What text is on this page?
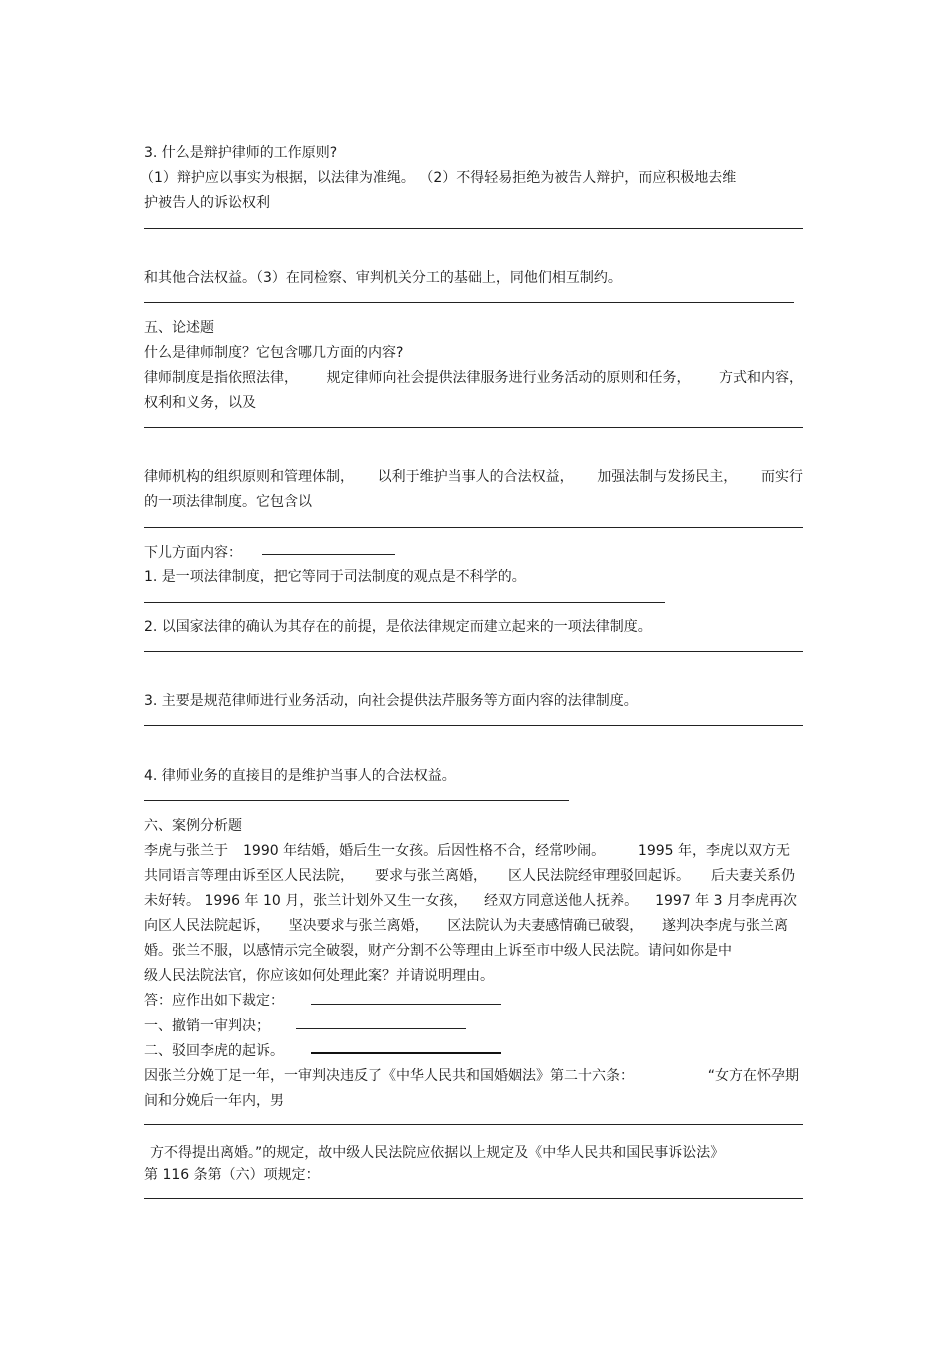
3. 什么是辩护律师的工作原则?
（1）辩护应以事实为根据，以法律为准绳。 （2）不得轻易拒绝为被告人辩护，而应积极地去维
护被告人的诉讼权利
和其他合法权益。（3）在同检察、审判机关分工的基础上，同他们相互制约。
五、论述题
什么是律师制度？它包含哪几方面的内容?
律师制度是指依照法律， 规定律师向社会提供法律服务进行业务活动的原则和任务， 方式和内容，
权利和义务，以及
律师机构的组织原则和管理体制， 以利于维护当事人的合法权益， 加强法制与发扬民主， 而实行
的一项法律制度。它包含以
下儿方面内容：
1. 是一项法律制度，把它等同于司法制度的观点是不科学的。
2. 以国家法律的确认为其存在的前提，是依法律规定而建立起来的一项法律制度。
3. 主要是规范律师进行业务活动，向社会提供法芹服务等方面内容的法律制度。
4. 律师业务的直接目的是维护当事人的合法权益。
六、案例分析题
李虎与张兰于 1990 年结婚，婚后生一女孩。后因性格不合，经常吵闹。 1995 年，李虎以双方无
共同语言等理由诉至区人民法院， 要求与张兰离婚， 区人民法院经审理驳回起诉。 后夫妻关系仍
未好转。 1996 年 10 月，张兰计划外又生一女孩， 经双方同意送他人抚养。 1997 年 3 月李虎再次
向区人民法院起诉， 坚决要求与张兰离婚， 区法院认为夫妻感情确已破裂， 遂判决李虎与张兰离
婚。张兰不服，以感情示完全破裂，财产分割不公等理由上诉至市中级人民法院。请问如你是中
级人民法院法官，你应该如何处理此案？并请说明理由。
答：应作出如下裁定：
一、撤销一审判决；
二、驳回李虎的起诉。
因张兰分娩丁足一年，一审判决违反了《中华人民共和国婚姻法》第二十六条：	“女方在怀孕期
间和分娩后一年内，男
方不得提出离婚。”的规定，故中级人民法院应依据以上规定及《中华人民共和国民事诉讼法》
第 116 条第（六）项规定：
